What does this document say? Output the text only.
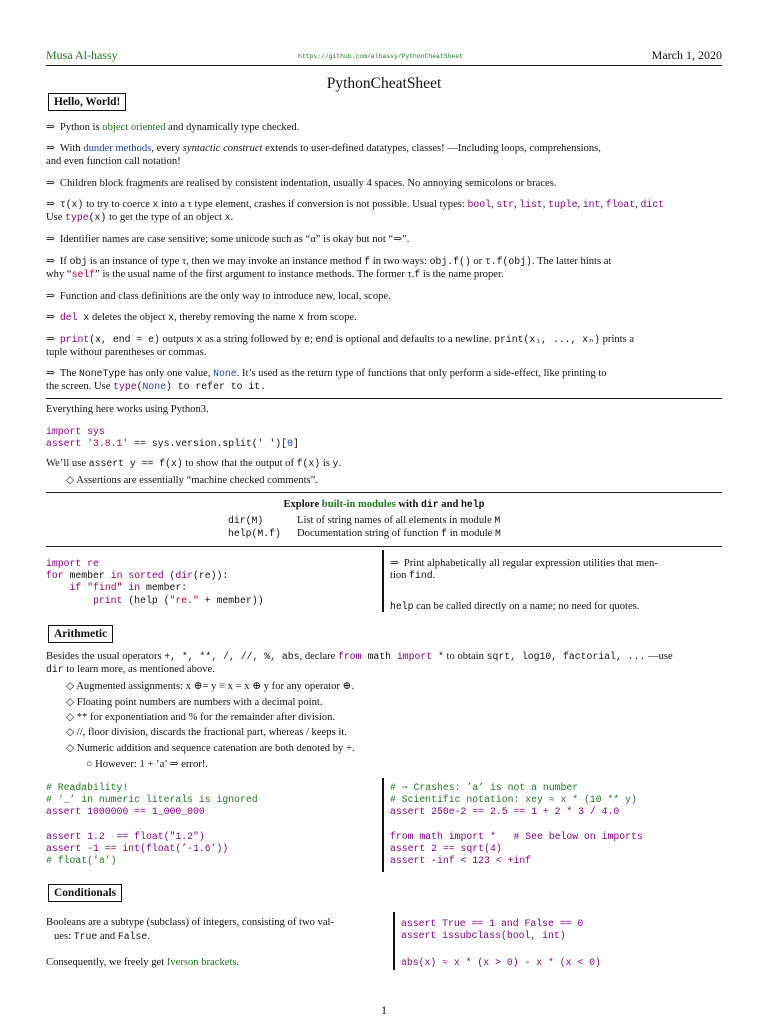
Musa Al-hassy	https://github.com/alhassy/PythonCheatSheet	March 1, 2020
PythonCheatSheet
Hello, World!
⇒ Python is object oriented and dynamically type checked.
⇒ With dunder methods, every syntactic construct extends to user-defined datatypes, classes! —Including loops, comprehensions,
and even function call notation!
⇒ Children block fragments are realised by consistent indentation, usually 4 spaces. No annoying semicolons or braces.
⇒ τ(x) to try to coerce x into a τ type element, crashes if conversion is not possible. Usual types: bool, str, list, tuple, int, float, dict
Use type(x) to get the type of an object x.
⇒ Identifier names are case sensitive; some unicode such as “α” is okay but not “⇒”.
⇒ If obj is an instance of type τ, then we may invoke an instance method f in two ways: obj.f() or τ.f(obj). The latter hints at
why “self” is the usual name of the first argument to instance methods. The former τ.f is the name proper.
⇒ Function and class definitions are the only way to introduce new, local, scope.
⇒ del x deletes the object x, thereby removing the name x from scope.
⇒ print(x, end = e) outputs x as a string followed by e; end is optional and defaults to a newline. print(x₁, ..., xₙ) prints a
tuple without parentheses or commas.
⇒ The NoneType has only one value, None. It’s used as the return type of functions that only perform a side-effect, like printing to
the screen. Use type(None) to refer to it.
Everything here works using Python3.
import sys
assert '3.8.1' == sys.version.split(' ')[0]
We’ll use assert y == f(x) to show that the output of f(x) is y.
◇ Assertions are essentially “machine checked comments”.
Explore built-in modules with dir and help
dir(M)	List of string names of all elements in module M
help(M.f) Documentation string of function f in module M
import re
for member in sorted (dir(re)):
if "find" in member:
print (help ("re." + member))
⇒ Print alphabetically all regular expression utilities that men-
tion find.
help can be called directly on a name; no need for quotes.
Arithmetic
Besides the usual operators +, *, **, /, //, %, abs, declare from math import * to obtain sqrt, log10, factorial, ... —use
dir to learn more, as mentioned above.
◇ Augmented assignments: x ⊕= y ≡ x = x ⊕ y for any operator ⊕.
◇ Floating point numbers are numbers with a decimal point.
◇ ** for exponentiation and % for the remainder after division.
◇ //, floor division, discards the fractional part, whereas / keeps it.
◇ Numeric addition and sequence catenation are both denoted by +.
○ However: 1 + ’a’ ⇒ error!.
# Readability!
# ‘_’ in numeric literals is ignored
assert 1000000 == 1_000_000

assert 1.2  == float("1.2")
assert -1 == int(float(’-1.6’))
# float(’a’)
# ⇒ Crashes: ’a’ is not a number
# Scientific notation: xey ≈ x * (10 ** y)
assert 250e-2 == 2.5 == 1 + 2 * 3 / 4.0

from math import *   # See below on imports
assert 2 == sqrt(4)
assert -inf < 123 < +inf
Conditionals
Booleans are a subtype (subclass) of integers, consisting of two val-
ues: True and False.
Consequently, we freely get Iverson brackets.
assert True == 1 and False == 0
assert issubclass(bool, int)
abs(x) ≈ x * (x > 0) - x * (x < 0)
1
